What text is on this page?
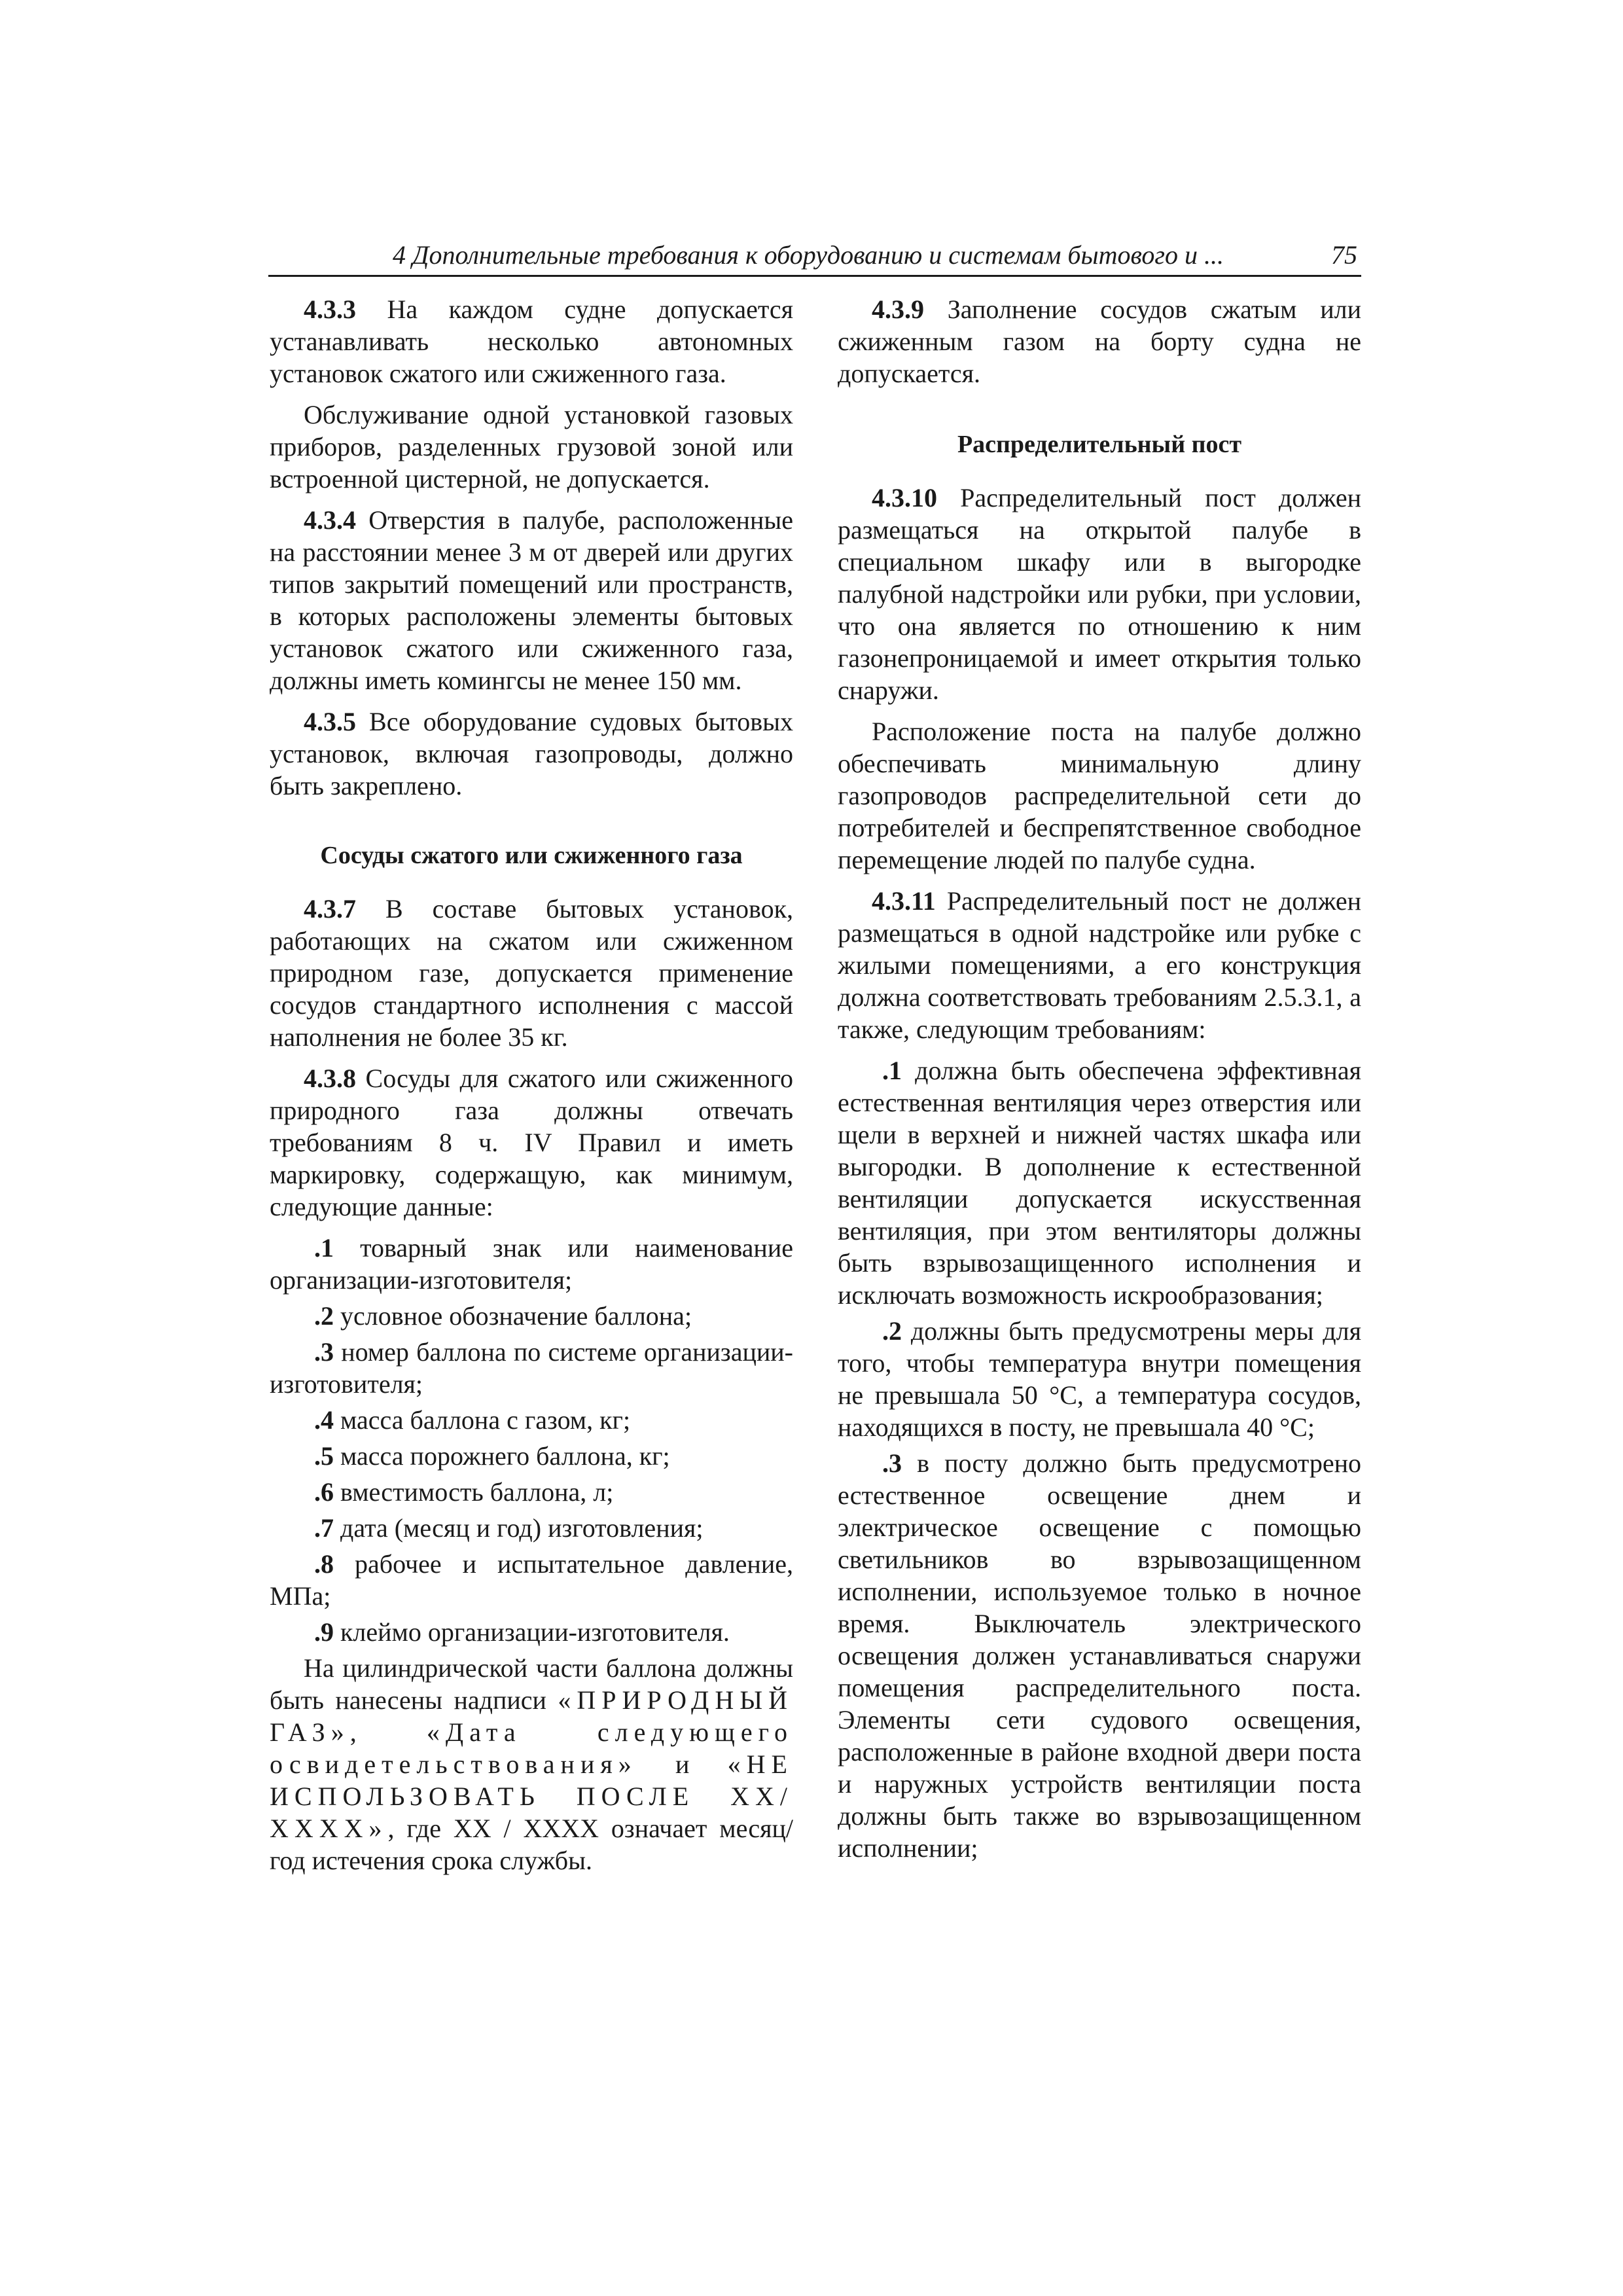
4 Дополнительные требования к оборудованию и системам бытового и ...	75

4.3.3 На каждом судне допускается устанавливать несколько автономных установок сжатого или сжиженного газа.

Обслуживание одной установкой газовых приборов, разделенных грузовой зоной или встроенной цистерной, не допускается.

4.3.4 Отверстия в палубе, расположенные на расстоянии менее 3 м от дверей или других типов закрытий помещений или пространств, в которых расположены элементы бытовых установок сжатого или сжиженного газа, должны иметь комингсы не менее 150 мм.

4.3.5 Все оборудование судовых бытовых установок, включая газопроводы, должно быть закреплено.

Сосуды сжатого или сжиженного газа

4.3.7 В составе бытовых установок, работающих на сжатом или сжиженном природном газе, допускается применение сосудов стандартного исполнения с массой наполнения не более 35 кг.

4.3.8 Сосуды для сжатого или сжиженного природного газа должны отвечать требованиям 8 ч. IV Правил и иметь маркировку, содержащую, как минимум, следующие данные:

.1 товарный знак или наименование организации-изготовителя;

.2 условное обозначение баллона;

.3 номер баллона по системе организации-изготовителя;

.4 масса баллона с газом, кг;

.5 масса порожнего баллона, кг;

.6 вместимость баллона, л;

.7 дата (месяц и год) изготовления;

.8 рабочее и испытательное давление, МПа;

.9 клеймо организации-изготовителя.

На цилиндрической части баллона должны быть нанесены надписи «ПРИРОДНЫЙ ГАЗ», «Дата следующего освидетельствования» и «НЕ ИСПОЛЬЗОВАТЬ ПОСЛЕ ХХ/ХХХХ», где ХХ / ХХХХ означает месяц/год истечения срока службы.

4.3.9 Заполнение сосудов сжатым или сжиженным газом на борту судна не допускается.

Распределительный пост

4.3.10 Распределительный пост должен размещаться на открытой палубе в специальном шкафу или в выгородке палубной надстройки или рубки, при условии, что она является по отношению к ним газонепроницаемой и имеет открытия только снаружи.

Расположение поста на палубе должно обеспечивать минимальную длину газопроводов распределительной сети до потребителей и беспрепятственное свободное перемещение людей по палубе судна.

4.3.11 Распределительный пост не должен размещаться в одной надстройке или рубке с жилыми помещениями, а его конструкция должна соответствовать требованиям 2.5.3.1, а также, следующим требованиям:

.1 должна быть обеспечена эффективная естественная вентиляция через отверстия или щели в верхней и нижней частях шкафа или выгородки. В дополнение к естественной вентиляции допускается искусственная вентиляция, при этом вентиляторы должны быть взрывозащищенного исполнения и исключать возможность искрообразования;

.2 должны быть предусмотрены меры для того, чтобы температура внутри помещения не превышала 50 °С, а температура сосудов, находящихся в посту, не превышала 40 °С;

.3 в посту должно быть предусмотрено естественное освещение днем и электрическое освещение с помощью светильников во взрывозащищенном исполнении, используемое только в ночное время. Выключатель электрического освещения должен устанавливаться снаружи помещения распределительного поста. Элементы сети судового освещения, расположенные в районе входной двери поста и наружных устройств вентиляции поста должны быть также во взрывозащищенном исполнении;
